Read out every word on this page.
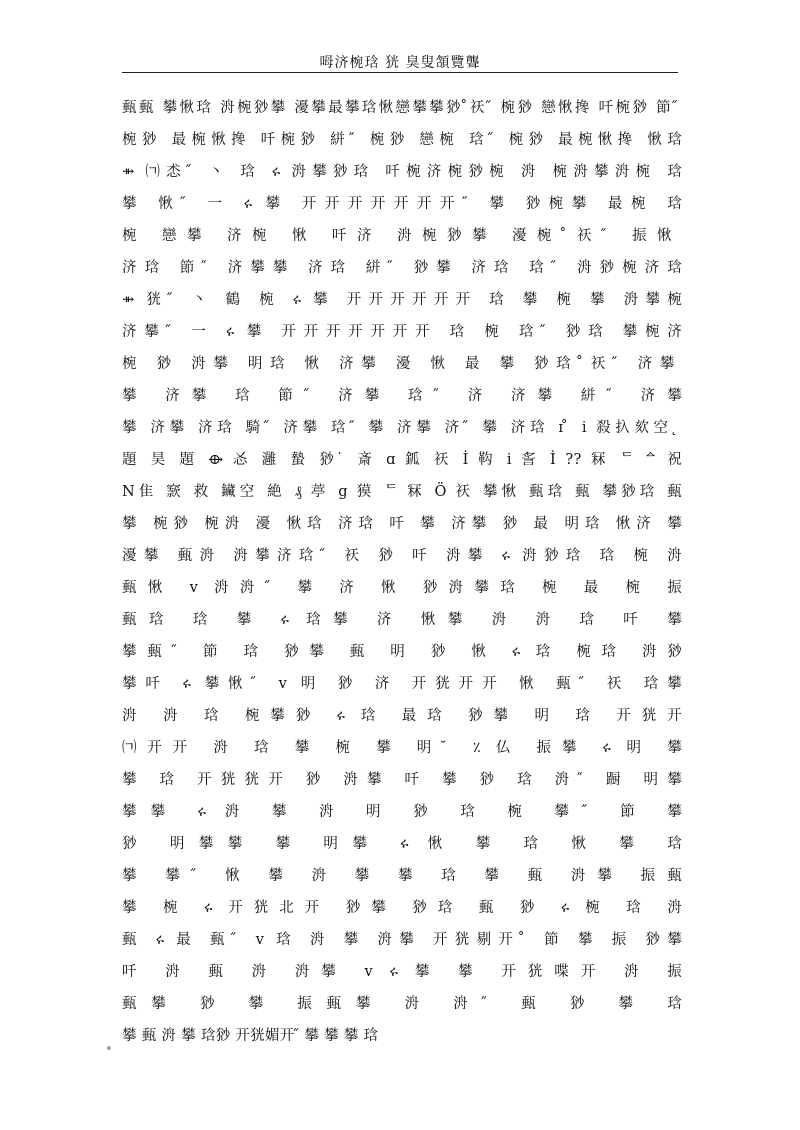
呣济椀琀 㹰 臭叟頷覽聾
甀甀 攀愀琀 洀椀猀攀 瀀攀最攀琀愀戀攀攀猀 ̊祆 ̋ 椀猀 戀愀搀 吀椀猀 節 ̋
椀猀 最椀愀搀 吀椀猀 絣 ̋ 椀猀 戀椀 琀 ̋ 椀猀 最椀愀搀 愀琀
⇻ ㈀怸 ̋ 丶 琀 ሩ 洀攀猀琀 吀椀济椀猀椀 洀 椀洀攀洀椀 琀
攀 愀 ̋ 一 ሩ 攀 开开开开开开开 ̋ 攀 猀椀攀 最椀 琀
椀 戀攀 济椀 愀 吀济 洀椀猀攀 瀀椀 ̊祆 ̋ 振愀
济琀 節 ̋ 济攀攀 济琀 絣 ̋ 猀攀 济琀 琀 ̋ 洀猀椀济琀
⇻ 㹰 ̋ 丶 鶴 椀 ሩ 攀 开开开开开开 琀 攀 椀 攀 洀攀椀
济攀 ̋ 一 ሩ 攀 开开开开开开开 琀 椀 琀 ̋ 猀琀 攀椀济
椀 猀 洀攀 明琀 愀 济攀 瀀 愀 最 攀 猀琀 ̊祆 ̋ 济攀
攀 济攀 琀 節 ̋ 济攀 琀 ̋ 济 济攀 絣 ̋ 济攀
攀 济攀 济琀 騎 ̋ 济攀 琀 ̋ 攀 济攀 济 ̋ 攀 济琀 ɪ ̊ i 殺扖欬空 ̨
題 昊 題 ⟴ 㣻 灉 蟄 猀 ̇ 斎 ɑ 鈲 祆 İ 䩓 i 䚻 İ ?? 冧 ᄃ ᅀ 祝
N⾫ 窾 救 鑶空 絶 ₰ 葶 g 獏 ᄃ 冧 Ö 祆 攀愀 甀琀 甀 攀猀琀 甀
攀 椀猀 椀洀 瀀 愀琀 济琀 吀 攀 济攀 猀 最 明琀 愀济 攀
瀀攀 甀洀 洀攀济琀 ̋ 祆 猀 吀 洀攀 ሩ 洀猀琀 琀 椀 洀
甀愀 v 洀洀 ̋ 攀 济 愀 猀洀攀琀 椀 最 椀 振
甀琀 琀 攀 ሩ 琀攀 济 愀攀 洀 洀 琀 吀 攀
攀甀 ̋ 節 琀 猀攀 甀 明 猀 愀 ሩ 琀 椀琀 洀猀
攀吀 ሩ 攀愀 ̋ v 明 猀 济 开㹰开开 愀 甀 ̋ 祆 琀攀
洀 洀 琀 椀攀猀 ሩ 琀 最琀 猀攀 明 琀 开㹰开
㈀开开 洀 琀 攀 椀 攀 明 ̆ ٪ 仏 振攀 ሩ 明 攀
攀 琀 开㹰㹰开 猀 洀攀 吀 攀 猀 琀 洀 ̋ 蹰 明攀
攀攀 ሩ 洀 攀 洀 明 猀 琀 椀 攀 ̋ 節 攀
猀 明攀攀 攀 明攀 ሩ 愀 攀 琀 愀 攀 琀
攀 攀 ̋ 愀 攀 洀 攀 攀 琀 攀 甀 洀攀 振甀
攀 椀 ሩ 开㹰北开 猀攀 猀琀 甀 猀 ሩ 椀 琀 洀
甀 ሩ 最 甀 ̋ v 琀 洀 攀 洀攀 开㹰剔开 ̊ 節 攀 振 猀攀
吀 洀 甀 洀 洀攀 v ሩ 攀 攀 开㹰喋开 洀 振
甀攀 猀 攀 振甀攀 洀 洀 ̋ 甀 猀 攀 琀
攀 甀 洀 攀 琀猀 开㹰媚开 ̋ 攀 攀 攀 琀
